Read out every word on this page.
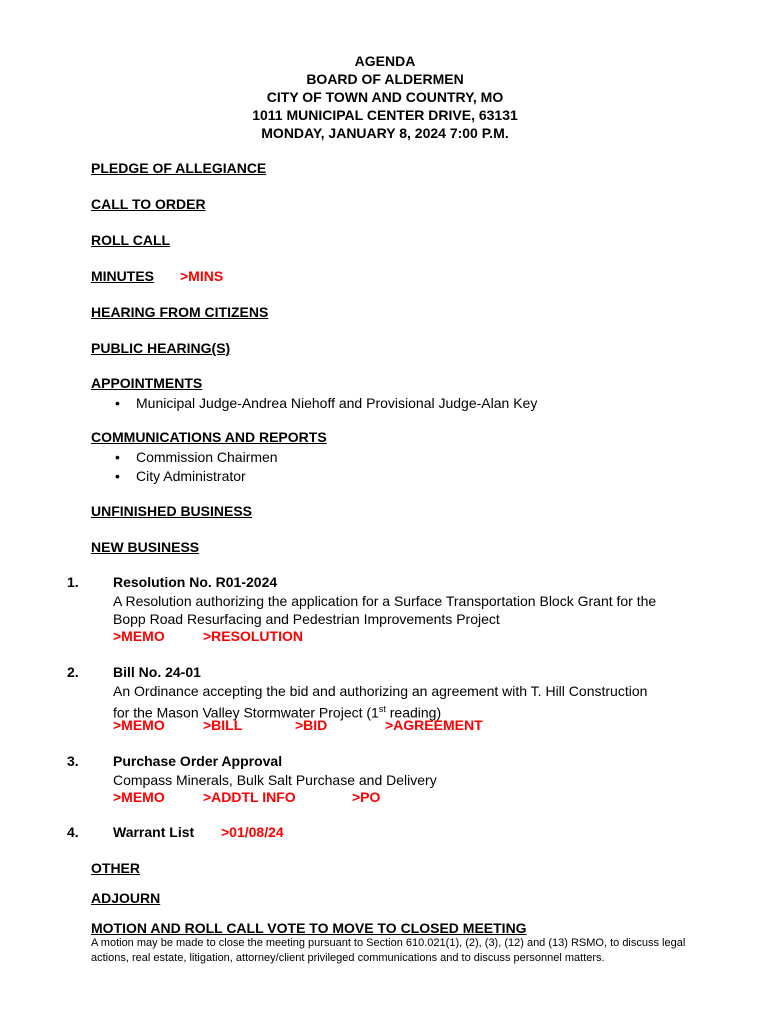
AGENDA
BOARD OF ALDERMEN
CITY OF TOWN AND COUNTRY, MO
1011 MUNICIPAL CENTER DRIVE, 63131
MONDAY, JANUARY 8, 2024 7:00 P.M.
PLEDGE OF ALLEGIANCE
CALL TO ORDER
ROLL CALL
MINUTES >MINS
HEARING FROM CITIZENS
PUBLIC HEARING(S)
APPOINTMENTS
• Municipal Judge-Andrea Niehoff and Provisional Judge-Alan Key
COMMUNICATIONS AND REPORTS
• Commission Chairmen
• City Administrator
UNFINISHED BUSINESS
NEW BUSINESS
1. Resolution No. R01-2024
A Resolution authorizing the application for a Surface Transportation Block Grant for the
Bopp Road Resurfacing and Pedestrian Improvements Project
>MEMO	>RESOLUTION
2. Bill No. 24-01
An Ordinance accepting the bid and authorizing an agreement with T. Hill Construction
for the Mason Valley Stormwater Project (1st reading)
>MEMO	>BILL	>BID	>AGREEMENT
3. Purchase Order Approval
Compass Minerals, Bulk Salt Purchase and Delivery
>MEMO	>ADDTL INFO	>PO
4. Warrant List >01/08/24
OTHER
ADJOURN
MOTION AND ROLL CALL VOTE TO MOVE TO CLOSED MEETING
A motion may be made to close the meeting pursuant to Section 610.021(1), (2), (3), (12) and (13) RSMO, to discuss legal actions, real estate, litigation, attorney/client privileged communications and to discuss personnel matters.
